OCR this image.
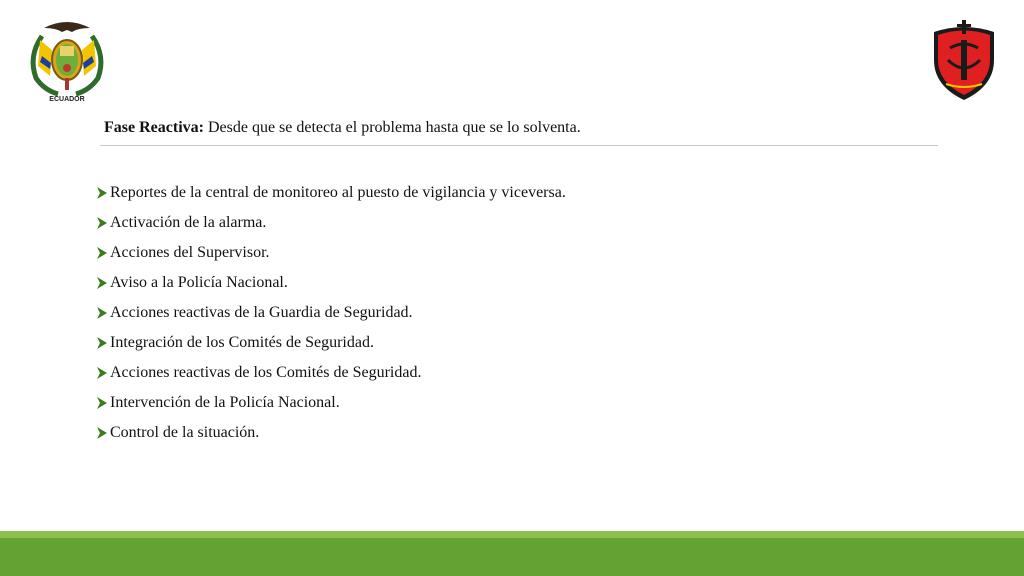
ECUADOR
Fase Reactiva: Desde que se detecta el problema hasta que se lo solventa.
Reportes de la central de monitoreo al puesto de vigilancia y viceversa.
Activación de la alarma.
Acciones del Supervisor.
Aviso a la Policía Nacional.
Acciones reactivas de la Guardia de Seguridad.
Integración de los Comités de Seguridad.
Acciones reactivas de los Comités de Seguridad.
Intervención de la Policía Nacional.
Control de la situación.
